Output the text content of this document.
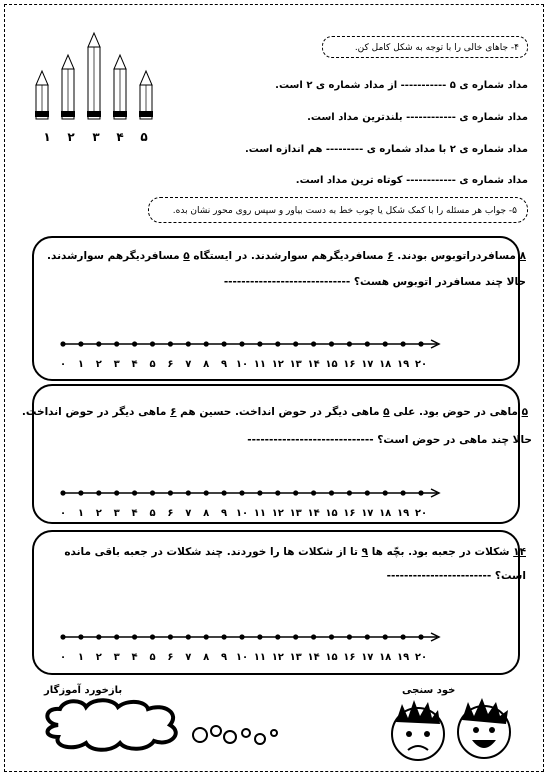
۱ ۲ ۳ ۴ ۵
۴- جاهای خالی را با توجه به شکل کامل کن.
مداد شماره ی ۵ ----------- از مداد شماره ی ۲ است.
مداد شماره ی ------------ بلندترین مداد است.
مداد شماره ی ۲ با مداد شماره ی --------- هم اندازه است.
مداد شماره ی ------------ کوتاه ترین مداد است.
۵- جواب هر مسئله را با کمک شکل یا چوب خط به دست بیاور و سپس روی محور نشان بده.
۸ مسافردراتوبوس بودند. ۶ مسافردیگرهم سوارشدند. در ایستگاه ۵ مسافردیگرهم سوارشدند.
حالا چند مسافردر اتوبوس هست؟ -----------------------------
۵ ماهی در حوض بود. علی ۵ ماهی دیگر در حوض انداخت. حسین هم ۶ ماهی دیگر در حوض انداخت.
حالا چند ماهی در حوض است؟ -----------------------------
۱۴ شکلات در جعبه بود. بچّه ها ۹ تا از شکلات ها را خوردند. چند شکلات در جعبه باقی مانده
است؟ ------------------------
۰ ۱ ۲ ۳ ۴ ۵ ۶ ۷ ۸ ۹ ۱۰ ۱۱ ۱۲ ۱۳ ۱۴ ۱۵ ۱۶ ۱۷ ۱۸ ۱۹ ۲۰
۰ ۱ ۲ ۳ ۴ ۵ ۶ ۷ ۸ ۹ ۱۰ ۱۱ ۱۲ ۱۳ ۱۴ ۱۵ ۱۶ ۱۷ ۱۸ ۱۹ ۲۰
۰ ۱ ۲ ۳ ۴ ۵ ۶ ۷ ۸ ۹ ۱۰ ۱۱ ۱۲ ۱۳ ۱۴ ۱۵ ۱۶ ۱۷ ۱۸ ۱۹ ۲۰
بازخورد آموزگار	خود سنجی
